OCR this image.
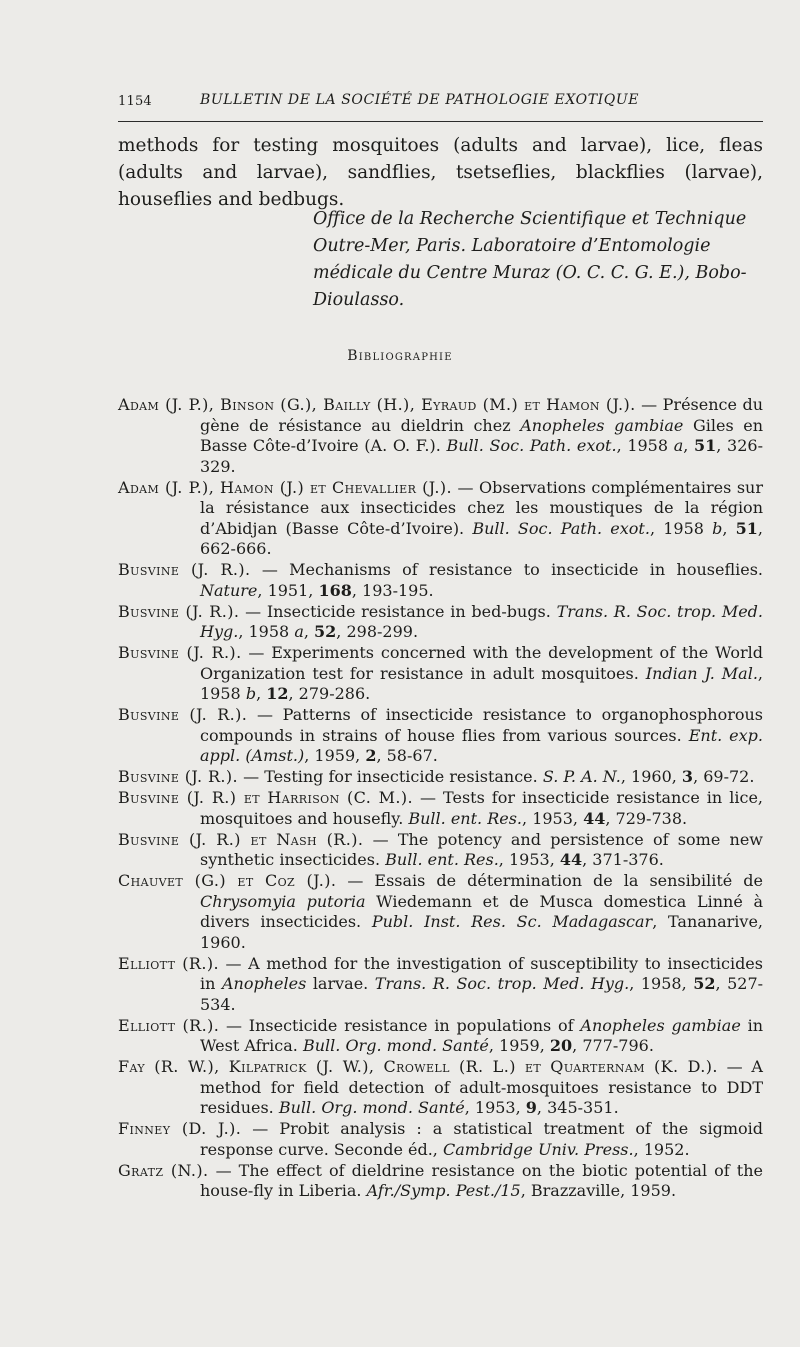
1154	BULLETIN DE LA SOCIÉTÉ DE PATHOLOGIE EXOTIQUE
methods for testing mosquitoes (adults and larvae), lice, fleas (adults and larvae), sandflies, tsetseflies, blackflies (larvae), houseflies and bedbugs.
Office de la Recherche Scientifique et Technique Outre-Mer, Paris. Laboratoire d’Entomologie médicale du Centre Muraz (O. C. C. G. E.), Bobo-Dioulasso.
Bibliographie
Adam (J. P.), Binson (G.), Bailly (H.), Eyraud (M.) et Hamon (J.). — Présence du gène de résistance au dieldrin chez Anopheles gambiae Giles en Basse Côte-d’Ivoire (A. O. F.). Bull. Soc. Path. exot., 1958 a, 51, 326-329.
Adam (J. P.), Hamon (J.) et Chevallier (J.). — Observations complémentaires sur la résistance aux insecticides chez les moustiques de la région d’Abidjan (Basse Côte-d’Ivoire). Bull. Soc. Path. exot., 1958 b, 51, 662-666.
Busvine (J. R.). — Mechanisms of resistance to insecticide in houseflies. Nature, 1951, 168, 193-195.
Busvine (J. R.). — Insecticide resistance in bed-bugs. Trans. R. Soc. trop. Med. Hyg., 1958 a, 52, 298-299.
Busvine (J. R.). — Experiments concerned with the development of the World Organization test for resistance in adult mosquitoes. Indian J. Mal., 1958 b, 12, 279-286.
Busvine (J. R.). — Patterns of insecticide resistance to organophosphorous compounds in strains of house flies from various sources. Ent. exp. appl. (Amst.), 1959, 2, 58-67.
Busvine (J. R.). — Testing for insecticide resistance. S. P. A. N., 1960, 3, 69-72.
Busvine (J. R.) et Harrison (C. M.). — Tests for insecticide resistance in lice, mosquitoes and housefly. Bull. ent. Res., 1953, 44, 729-738.
Busvine (J. R.) et Nash (R.). — The potency and persistence of some new synthetic insecticides. Bull. ent. Res., 1953, 44, 371-376.
Chauvet (G.) et Coz (J.). — Essais de détermination de la sensibilité de Chrysomyia putoria Wiedemann et de Musca domestica Linné à divers insecticides. Publ. Inst. Res. Sc. Madagascar, Tananarive, 1960.
Elliott (R.). — A method for the investigation of susceptibility to insecticides in Anopheles larvae. Trans. R. Soc. trop. Med. Hyg., 1958, 52, 527-534.
Elliott (R.). — Insecticide resistance in populations of Anopheles gambiae in West Africa. Bull. Org. mond. Santé, 1959, 20, 777-796.
Fay (R. W.), Kilpatrick (J. W.), Crowell (R. L.) et Quarternam (K. D.). — A method for field detection of adult-mosquitoes resistance to DDT residues. Bull. Org. mond. Santé, 1953, 9, 345-351.
Finney (D. J.). — Probit analysis : a statistical treatment of the sigmoid response curve. Seconde éd., Cambridge Univ. Press., 1952.
Gratz (N.). — The effect of dieldrine resistance on the biotic potential of the house-fly in Liberia. Afr./Symp. Pest./15, Brazzaville, 1959.
